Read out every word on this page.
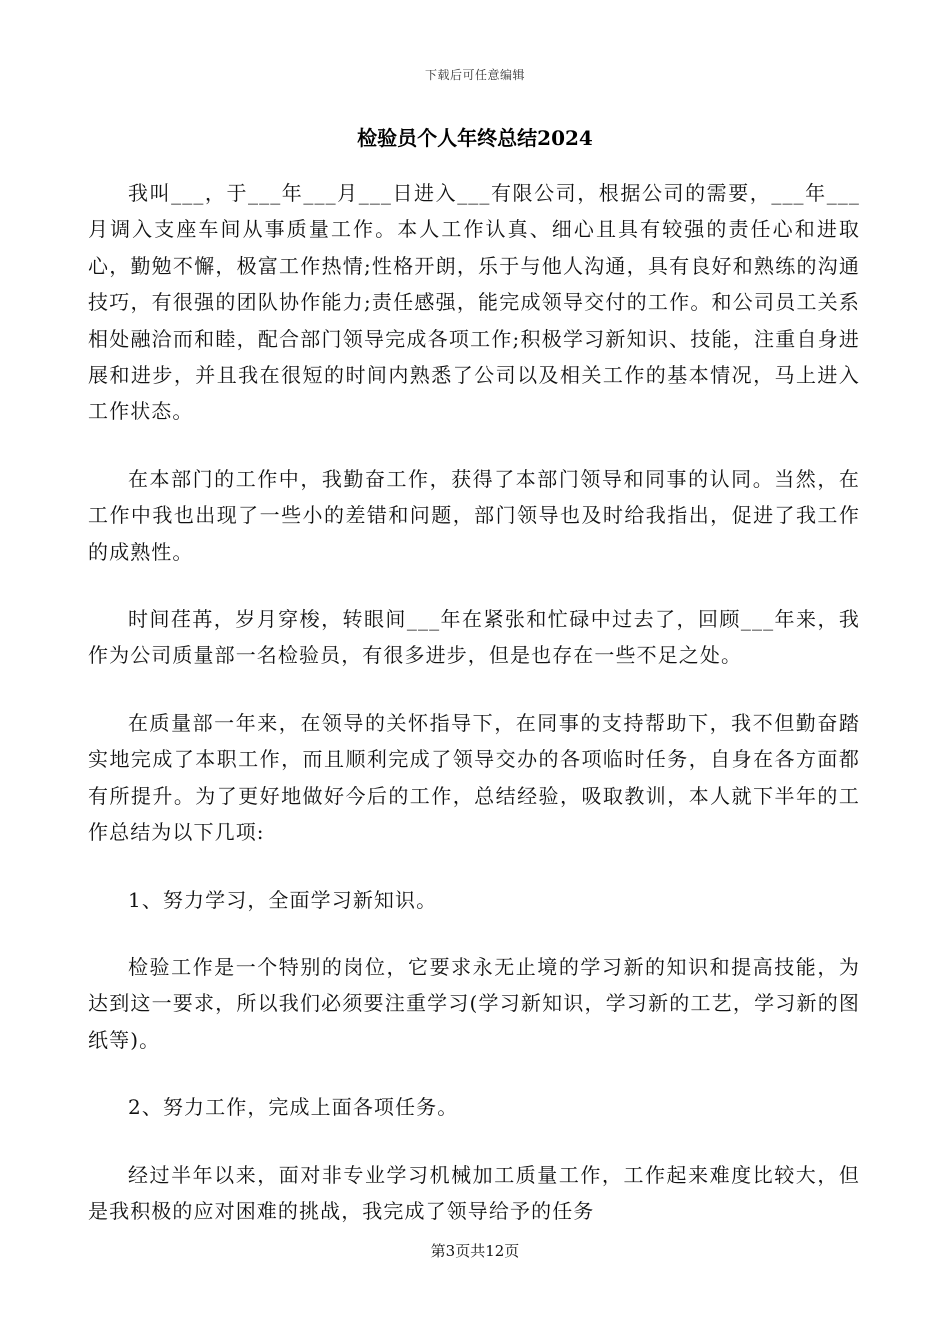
下载后可任意编辑
检验员个人年终总结2024

我叫___，于___年___月___日进入___有限公司，根据公司的需要，___年___月调入支座车间从事质量工作。本人工作认真、细心且具有较强的责任心和进取心，勤勉不懈，极富工作热情;性格开朗，乐于与他人沟通，具有良好和熟练的沟通技巧，有很强的团队协作能力;责任感强，能完成领导交付的工作。和公司员工关系相处融洽而和睦，配合部门领导完成各项工作;积极学习新知识、技能，注重自身进展和进步，并且我在很短的时间内熟悉了公司以及相关工作的基本情况，马上进入工作状态。

在本部门的工作中，我勤奋工作，获得了本部门领导和同事的认同。当然，在工作中我也出现了一些小的差错和问题，部门领导也及时给我指出，促进了我工作的成熟性。

时间荏苒，岁月穿梭，转眼间___年在紧张和忙碌中过去了，回顾___年来，我作为公司质量部一名检验员，有很多进步，但是也存在一些不足之处。

在质量部一年来，在领导的关怀指导下，在同事的支持帮助下，我不但勤奋踏实地完成了本职工作，而且顺利完成了领导交办的各项临时任务，自身在各方面都有所提升。为了更好地做好今后的工作，总结经验，吸取教训，本人就下半年的工作总结为以下几项:

1、努力学习，全面学习新知识。

检验工作是一个特别的岗位，它要求永无止境的学习新的知识和提高技能，为达到这一要求，所以我们必须要注重学习(学习新知识，学习新的工艺，学习新的图纸等)。

2、努力工作，完成上面各项任务。

经过半年以来，面对非专业学习机械加工质量工作，工作起来难度比较大，但是我积极的应对困难的挑战，我完成了领导给予的任务

第3页共12页
